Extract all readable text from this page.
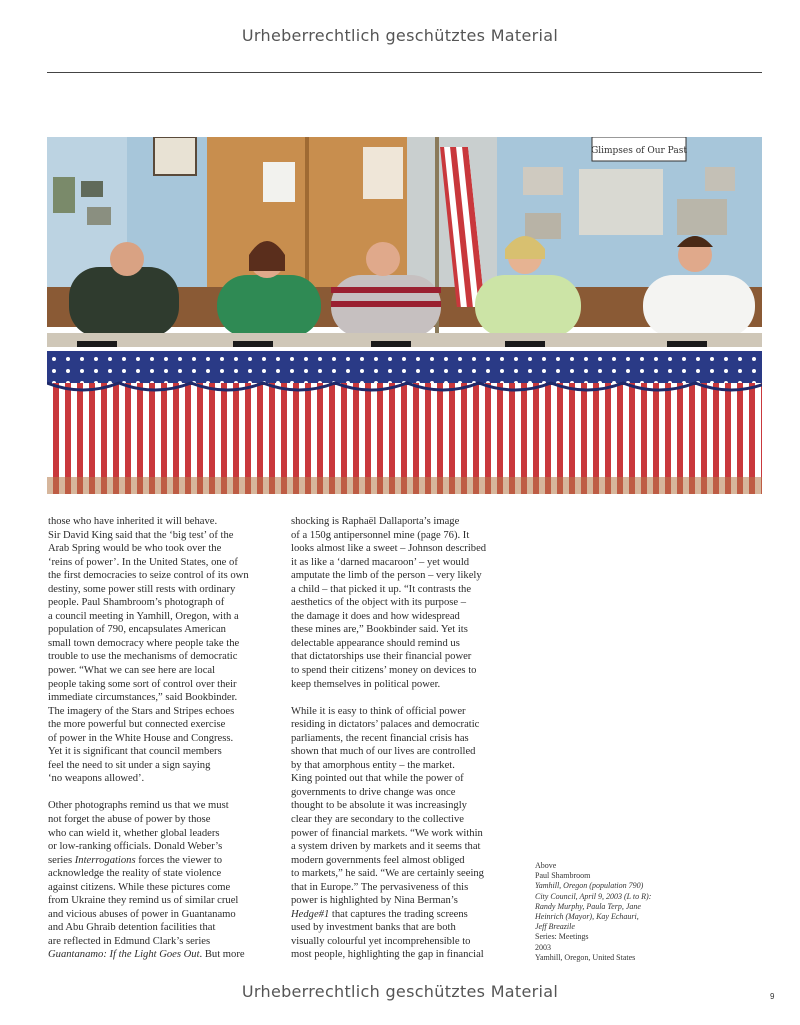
Urheberrechtlich geschütztes Material
Glimpses of Our Past

those who have inherited it will behave.
Sir David King said that the ‘big test’ of the
Arab Spring would be who took over the
‘reins of power’. In the United States, one of
the first democracies to seize control of its own
destiny, some power still rests with ordinary
people. Paul Shambroom’s photograph of
a council meeting in Yamhill, Oregon, with a
population of 790, encapsulates American
small town democracy where people take the
trouble to use the mechanisms of democratic
power. “What we can see here are local
people taking some sort of control over their
immediate circumstances,” said Bookbinder.
The imagery of the Stars and Stripes echoes
the more powerful but connected exercise
of power in the White House and Congress.
Yet it is significant that council members
feel the need to sit under a sign saying
‘no weapons allowed’.

Other photographs remind us that we must
not forget the abuse of power by those
who can wield it, whether global leaders
or low-ranking officials. Donald Weber’s
series Interrogations forces the viewer to
acknowledge the reality of state violence
against citizens. While these pictures come
from Ukraine they remind us of similar cruel
and vicious abuses of power in Guantanamo
and Abu Ghraib detention facilities that
are reflected in Edmund Clark’s series
Guantanamo: If the Light Goes Out. But more

shocking is Raphaël Dallaporta’s image
of a 150g antipersonnel mine (page 76). It
looks almost like a sweet – Johnson described
it as like a ‘darned macaroon’ – yet would
amputate the limb of the person – very likely
a child – that picked it up. “It contrasts the
aesthetics of the object with its purpose –
the damage it does and how widespread
these mines are,” Bookbinder said. Yet its
delectable appearance should remind us
that dictatorships use their financial power
to spend their citizens’ money on devices to
keep themselves in political power.

While it is easy to think of official power
residing in dictators’ palaces and democratic
parliaments, the recent financial crisis has
shown that much of our lives are controlled
by that amorphous entity – the market.
King pointed out that while the power of
governments to drive change was once
thought to be absolute it was increasingly
clear they are secondary to the collective
power of financial markets. “We work within
a system driven by markets and it seems that
modern governments feel almost obliged
to markets,” he said. “We are certainly seeing
that in Europe.” The pervasiveness of this
power is highlighted by Nina Berman’s
Hedge#1 that captures the trading screens
used by investment banks that are both
visually colourful yet incomprehensible to
most people, highlighting the gap in financial

Above
Paul Shambroom
Yamhill, Oregon (population 790)
City Council, April 9, 2003 (L to R):
Randy Murphy, Paula Terp, Jane
Heinrich (Mayor), Kay Echauri,
Jeff Breazile
Series: Meetings
2003
Yamhill, Oregon, United States
Urheberrechtlich geschütztes Material	9
